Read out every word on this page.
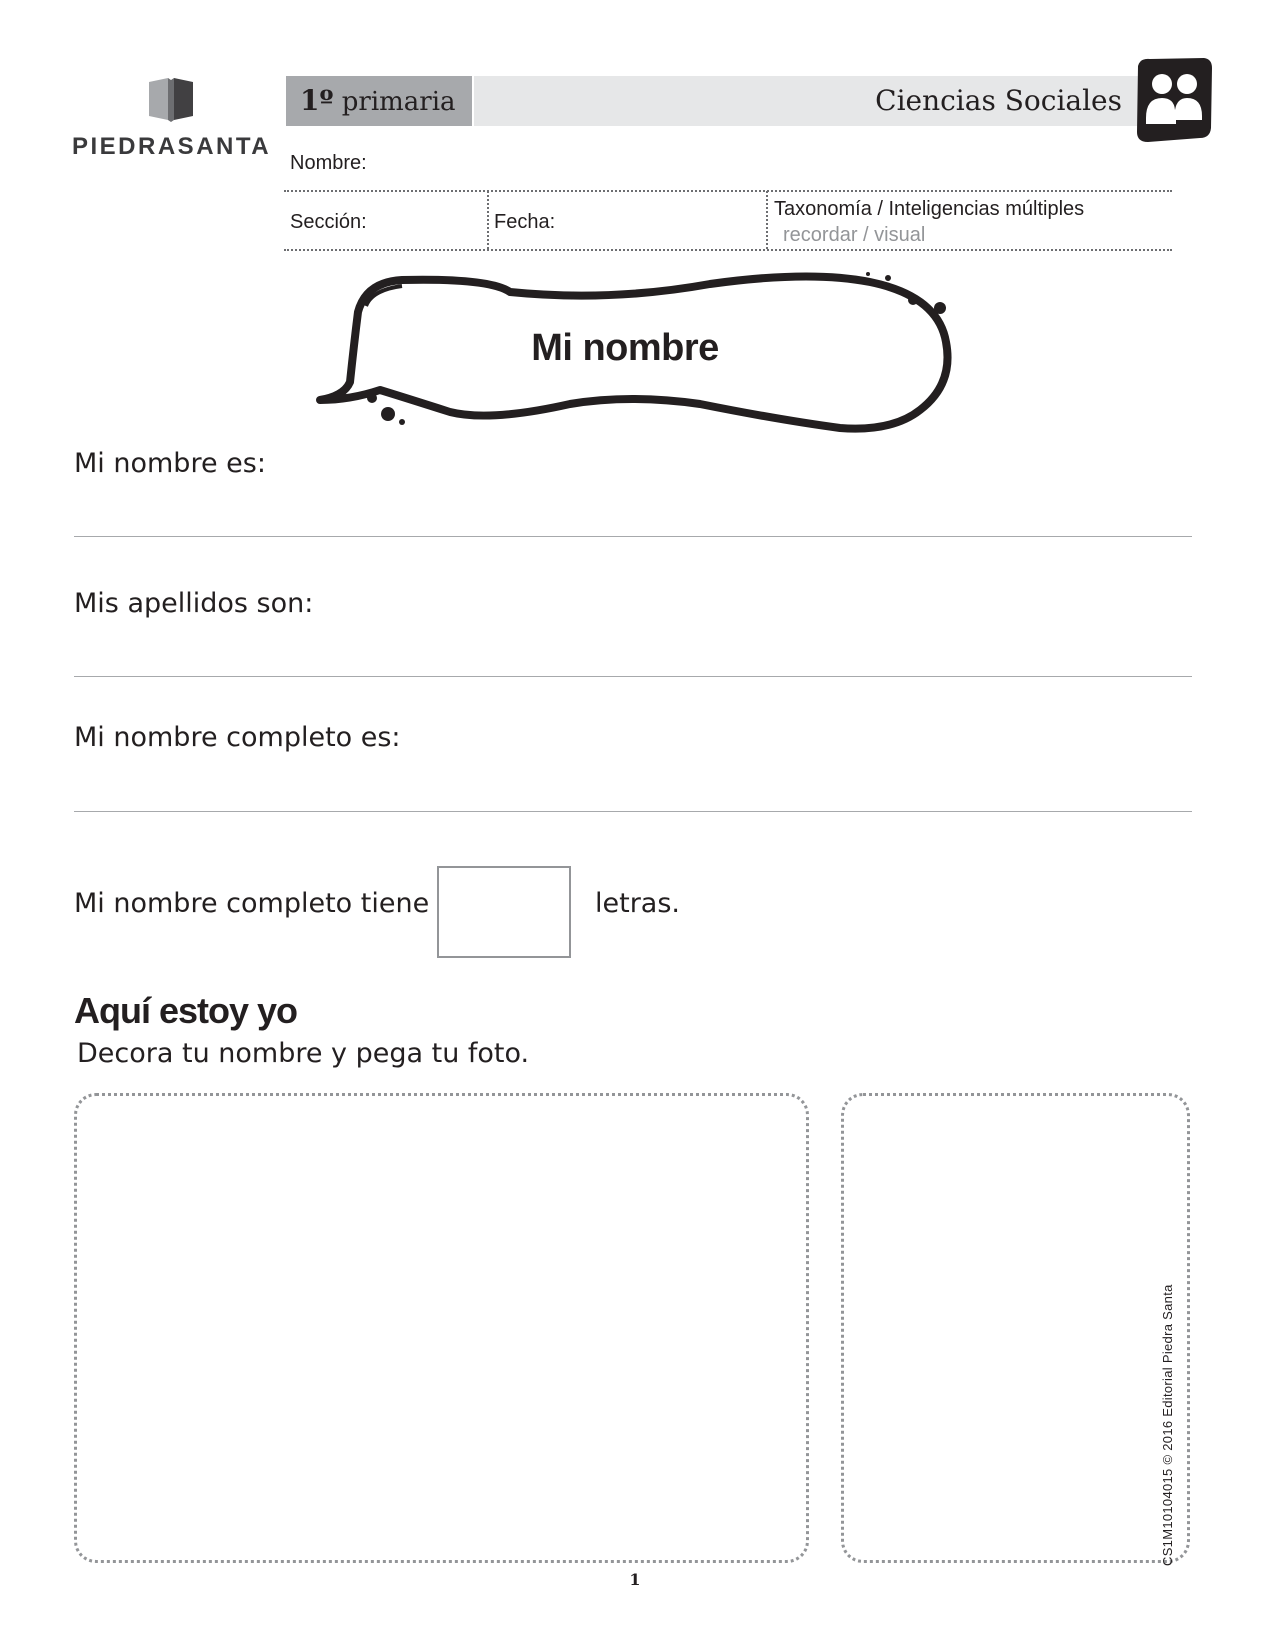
PIEDRASANTA
1º primaria	Ciencias Sociales
Nombre:
Sección:	Fecha:
Taxonomía / Inteligencias múltiples
recordar / visual
Mi nombre
Mi nombre es:
Mis apellidos son:
Mi nombre completo es:
Mi nombre completo tiene	letras.
Aquí estoy yo
Decora tu nombre y pega tu foto.
CS1M10104015 © 2016 Editorial Piedra Santa
1
